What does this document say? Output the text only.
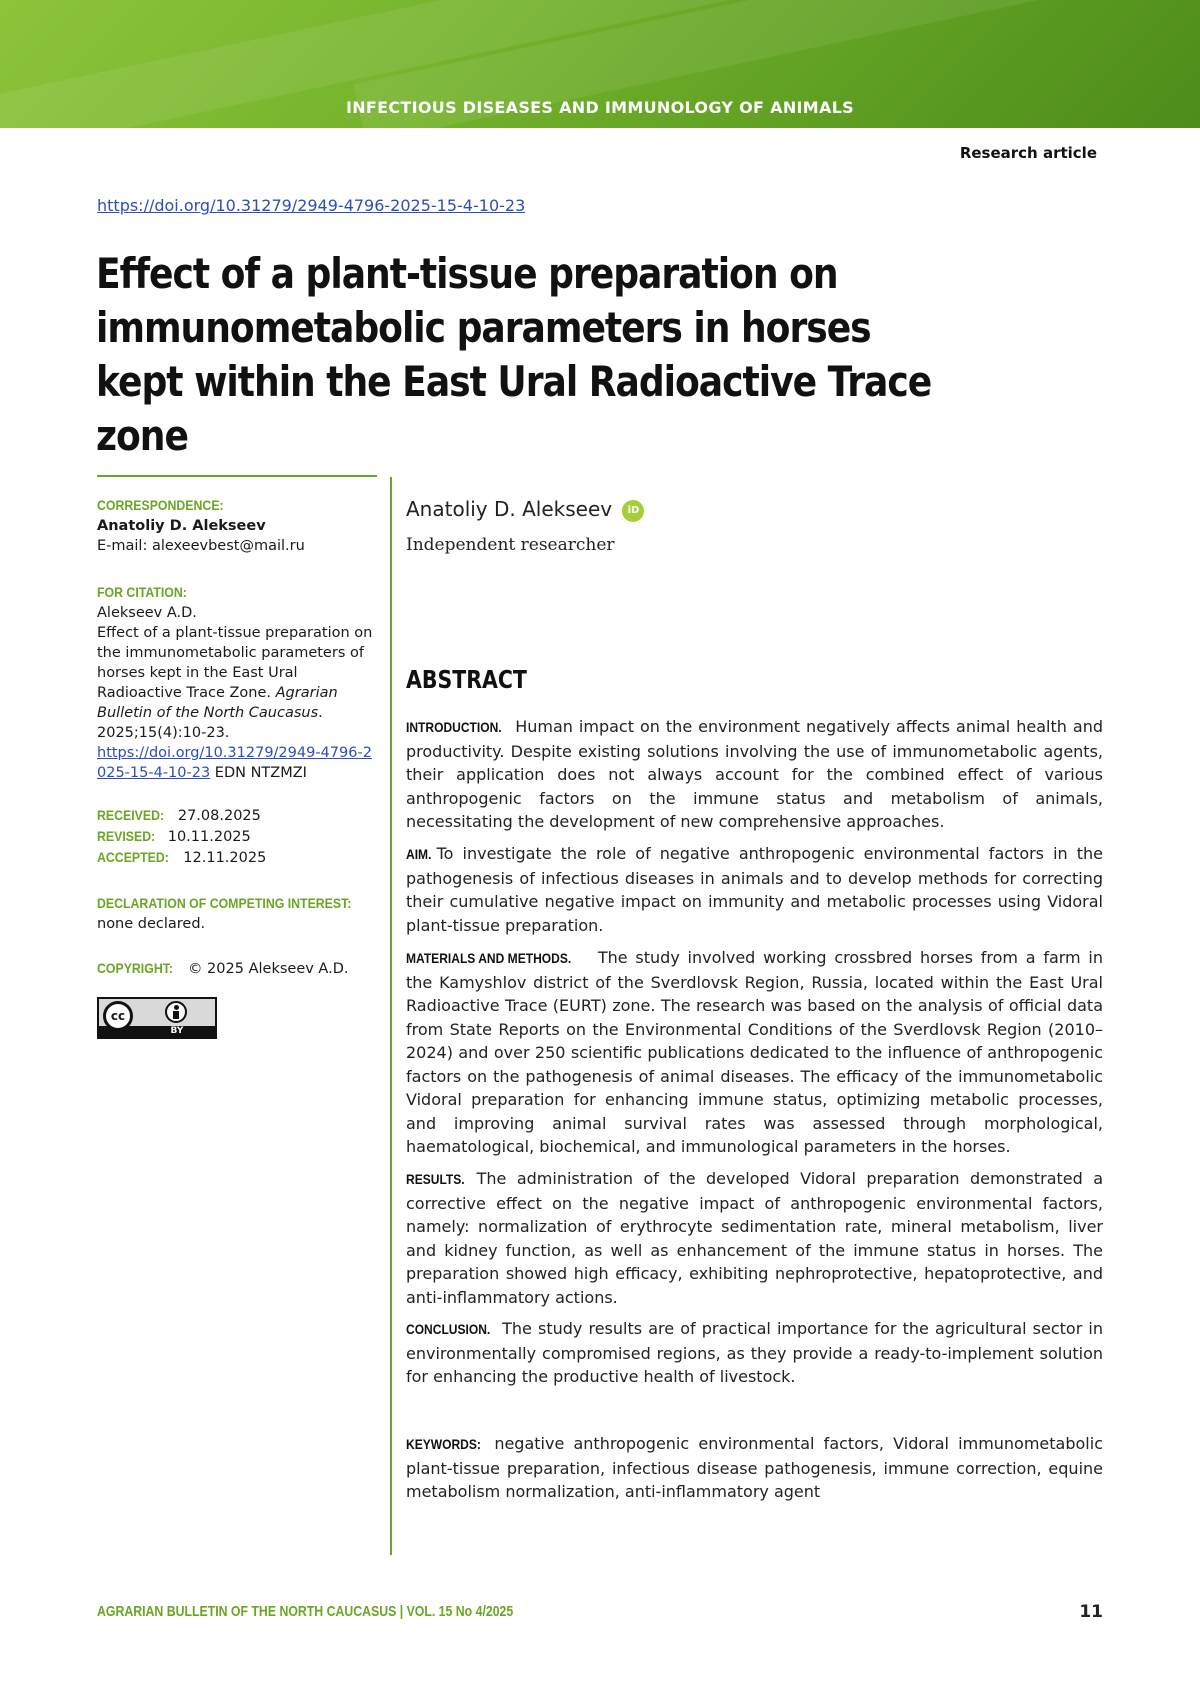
INFECTIOUS DISEASES AND IMMUNOLOGY OF ANIMALS
Research article
https://doi.org/10.31279/2949-4796-2025-15-4-10-23
Effect of a plant-tissue preparation on immunometabolic parameters in horses kept within the East Ural Radioactive Trace zone
CORRESPONDENCE:
Anatoliy D. Alekseev
E-mail: alexeevbest@mail.ru
FOR CITATION:
Alekseev A.D.
Effect of a plant-tissue preparation on the immunometabolic parameters of horses kept in the East Ural Radioactive Trace Zone. Agrarian Bulletin of the North Caucasus. 2025;15(4):10-23.
https://doi.org/10.31279/2949-4796-2025-15-4-10-23 EDN NTZMZI
RECEIVED: 27.08.2025
REVISED: 10.11.2025
ACCEPTED: 12.11.2025
DECLARATION OF COMPETING INTEREST:
none declared.
COPYRIGHT: © 2025 Alekseev A.D.
cc
BY
Anatoliy D. Alekseev iD
Independent researcher
ABSTRACT
INTRODUCTION. Human impact on the environment negatively affects animal health and productivity. Despite existing solutions involving the use of immunometabolic agents, their application does not always account for the combined effect of various anthropogenic factors on the immune status and metabolism of animals, necessitating the development of new comprehensive approaches.
AIM. To investigate the role of negative anthropogenic environmental factors in the pathogenesis of infectious diseases in animals and to develop methods for correcting their cumulative negative impact on immunity and metabolic processes using Vidoral plant-tissue preparation.
MATERIALS AND METHODS. The study involved working crossbred horses from a farm in the Kamyshlov district of the Sverdlovsk Region, Russia, located within the East Ural Radioactive Trace (EURT) zone. The research was based on the analysis of official data from State Reports on the Environmental Conditions of the Sverdlovsk Region (2010–2024) and over 250 scientific publications dedicated to the influence of anthropogenic factors on the pathogenesis of animal diseases. The efficacy of the immunometabolic Vidoral preparation for enhancing immune status, optimizing metabolic processes, and improving animal survival rates was assessed through morphological, haematological, biochemical, and immunological parameters in the horses.
RESULTS. The administration of the developed Vidoral preparation demonstrated a corrective effect on the negative impact of anthropogenic environmental factors, namely: normalization of erythrocyte sedimentation rate, mineral metabolism, liver and kidney function, as well as enhancement of the immune status in horses. The preparation showed high efficacy, exhibiting nephroprotective, hepatoprotective, and anti-inflammatory actions.
CONCLUSION. The study results are of practical importance for the agricultural sector in environmentally compromised regions, as they provide a ready-to-implement solution for enhancing the productive health of livestock.
KEYWORDS: negative anthropogenic environmental factors, Vidoral immunometabolic plant-tissue preparation, infectious disease pathogenesis, immune correction, equine metabolism normalization, anti-inflammatory agent
AGRARIAN BULLETIN OF THE NORTH CAUCASUS | VOL. 15 No 4/2025	11
